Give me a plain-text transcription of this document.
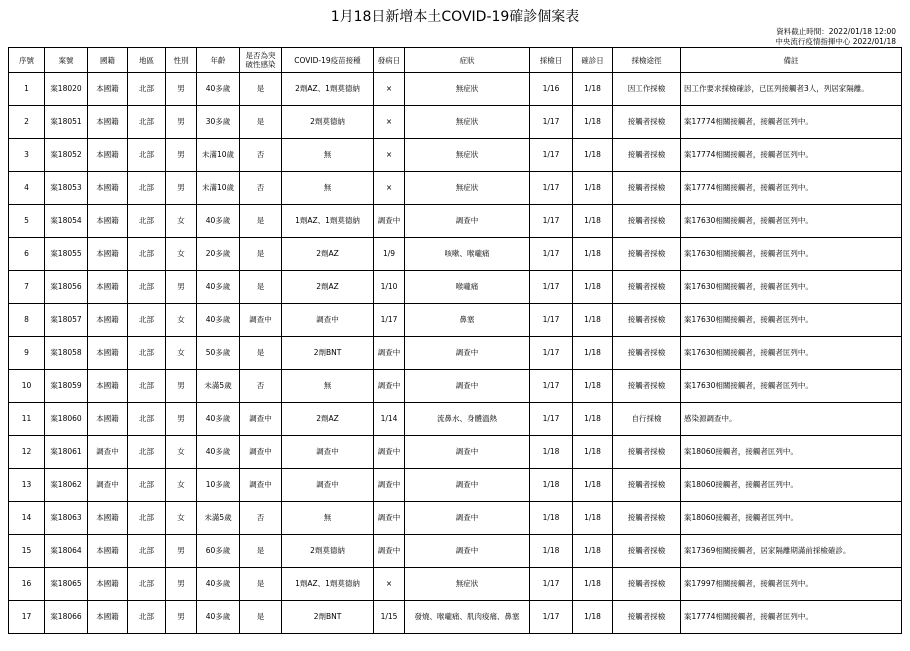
1月18日新增本土COVID-19確診個案表
資料截止時間：2022/01/18 12:00
中央流行疫情指揮中心 2022/01/18
序號	案號	國籍	地區	性別	年齡	是否為突破性感染	COVID-19疫苗接種	發病日	症狀	採檢日	確診日	採檢途徑	備註
1	案18020	本國籍	北部	男	40多歲	是	2劑AZ、1劑莫德納	×	無症狀	1/16	1/18	因工作採檢	因工作要求採檢確診，已匡列接觸者3人，列居家隔離。
2	案18051	本國籍	北部	男	30多歲	是	2劑莫德納	×	無症狀	1/17	1/18	接觸者採檢	案17774相關接觸者，接觸者匡列中。
3	案18052	本國籍	北部	男	未滿10歲	否	無	×	無症狀	1/17	1/18	接觸者採檢	案17774相關接觸者，接觸者匡列中。
4	案18053	本國籍	北部	男	未滿10歲	否	無	×	無症狀	1/17	1/18	接觸者採檢	案17774相關接觸者，接觸者匡列中。
5	案18054	本國籍	北部	女	40多歲	是	1劑AZ、1劑莫德納	調查中	調查中	1/17	1/18	接觸者採檢	案17630相關接觸者，接觸者匡列中。
6	案18055	本國籍	北部	女	20多歲	是	2劑AZ	1/9	咳嗽、喉嚨痛	1/17	1/18	接觸者採檢	案17630相關接觸者，接觸者匡列中。
7	案18056	本國籍	北部	男	40多歲	是	2劑AZ	1/10	喉嚨痛	1/17	1/18	接觸者採檢	案17630相關接觸者，接觸者匡列中。
8	案18057	本國籍	北部	女	40多歲	調查中	調查中	1/17	鼻塞	1/17	1/18	接觸者採檢	案17630相關接觸者，接觸者匡列中。
9	案18058	本國籍	北部	女	50多歲	是	2劑BNT	調查中	調查中	1/17	1/18	接觸者採檢	案17630相關接觸者，接觸者匡列中。
10	案18059	本國籍	北部	男	未滿5歲	否	無	調查中	調查中	1/17	1/18	接觸者採檢	案17630相關接觸者，接觸者匡列中。
11	案18060	本國籍	北部	男	40多歲	調查中	2劑AZ	1/14	流鼻水、身體溫熱	1/17	1/18	自行採檢	感染源調查中。
12	案18061	調查中	北部	女	40多歲	調查中	調查中	調查中	調查中	1/18	1/18	接觸者採檢	案18060接觸者，接觸者匡列中。
13	案18062	調查中	北部	女	10多歲	調查中	調查中	調查中	調查中	1/18	1/18	接觸者採檢	案18060接觸者，接觸者匡列中。
14	案18063	本國籍	北部	女	未滿5歲	否	無	調查中	調查中	1/18	1/18	接觸者採檢	案18060接觸者，接觸者匡列中。
15	案18064	本國籍	北部	男	60多歲	是	2劑莫德納	調查中	調查中	1/18	1/18	接觸者採檢	案17369相關接觸者，居家隔離期滿前採檢確診。
16	案18065	本國籍	北部	男	40多歲	是	1劑AZ、1劑莫德納	×	無症狀	1/17	1/18	接觸者採檢	案17997相關接觸者，接觸者匡列中。
17	案18066	本國籍	北部	男	40多歲	是	2劑BNT	1/15	發燒、喉嚨痛、肌肉痠痛、鼻塞	1/17	1/18	接觸者採檢	案17774相關接觸者，接觸者匡列中。
